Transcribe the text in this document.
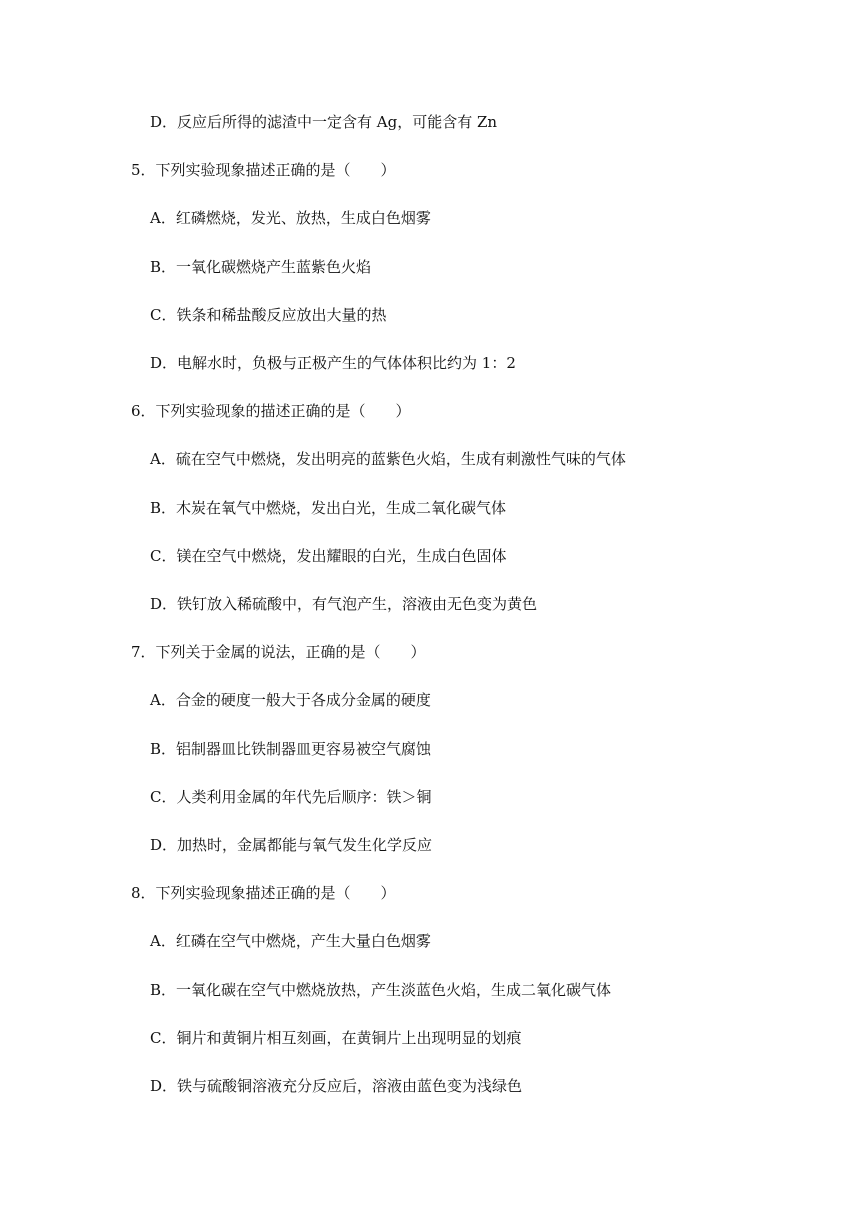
D．反应后所得的滤渣中一定含有 Ag，可能含有 Zn
5．下列实验现象描述正确的是（　　）
A．红磷燃烧，发光、放热，生成白色烟雾
B．一氧化碳燃烧产生蓝紫色火焰
C．铁条和稀盐酸反应放出大量的热
D．电解水时，负极与正极产生的气体体积比约为 1：2
6．下列实验现象的描述正确的是（　　）
A．硫在空气中燃烧，发出明亮的蓝紫色火焰，生成有刺激性气味的气体
B．木炭在氧气中燃烧，发出白光，生成二氧化碳气体
C．镁在空气中燃烧，发出耀眼的白光，生成白色固体
D．铁钉放入稀硫酸中，有气泡产生，溶液由无色变为黄色
7．下列关于金属的说法，正确的是（　　）
A．合金的硬度一般大于各成分金属的硬度
B．铝制器皿比铁制器皿更容易被空气腐蚀
C．人类利用金属的年代先后顺序：铁＞铜
D．加热时，金属都能与氧气发生化学反应
8．下列实验现象描述正确的是（　　）
A．红磷在空气中燃烧，产生大量白色烟雾
B．一氧化碳在空气中燃烧放热，产生淡蓝色火焰，生成二氧化碳气体
C．铜片和黄铜片相互刻画，在黄铜片上出现明显的划痕
D．铁与硫酸铜溶液充分反应后，溶液由蓝色变为浅绿色
